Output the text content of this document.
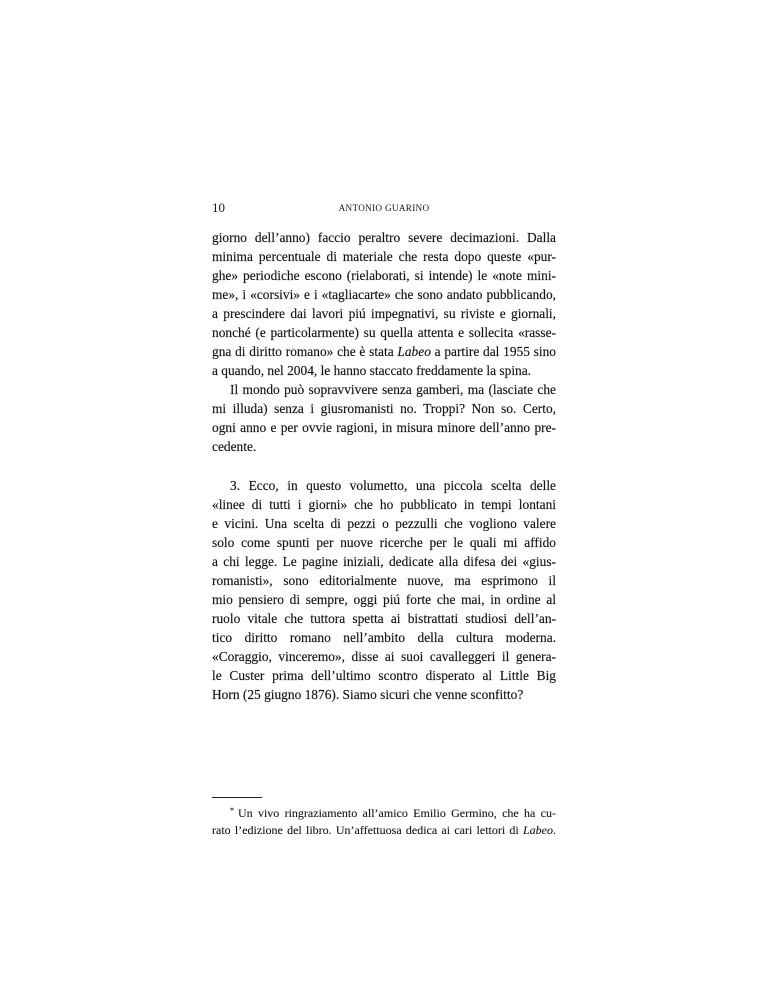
10	ANTONIO GUARINO
giorno dell’anno) faccio peraltro severe decimazioni. Dalla
minima percentuale di materiale che resta dopo queste «pur-
ghe» periodiche escono (rielaborati, si intende) le «note mini-
me», i «corsivi» e i «tagliacarte» che sono andato pubblicando,
a prescindere dai lavori piú impegnativi, su riviste e giornali,
nonché (e particolarmente) su quella attenta e sollecita «rasse-
gna di diritto romano» che è stata Labeo a partire dal 1955 sino
a quando, nel 2004, le hanno staccato freddamente la spina.
Il mondo può sopravvivere senza gamberi, ma (lasciate che
mi illuda) senza i giusromanisti no. Troppi? Non so. Certo,
ogni anno e per ovvie ragioni, in misura minore dell’anno pre-
cedente.
3. Ecco, in questo volumetto, una piccola scelta delle
«linee di tutti i giorni» che ho pubblicato in tempi lontani
e vicini. Una scelta di pezzi o pezzulli che vogliono valere
solo come spunti per nuove ricerche per le quali mi affido
a chi legge. Le pagine iniziali, dedicate alla difesa dei «gius-
romanisti», sono editorialmente nuove, ma esprimono il
mio pensiero di sempre, oggi piú forte che mai, in ordine al
ruolo vitale che tuttora spetta ai bistrattati studiosi dell’an-
tico diritto romano nell’ambito della cultura moderna.
«Coraggio, vinceremo», disse ai suoi cavalleggeri il genera-
le Custer prima dell’ultimo scontro disperato al Little Big
Horn (25 giugno 1876). Siamo sicuri che venne sconfitto?
* Un vivo ringraziamento all’amico Emilio Germino, che ha cu-
rato l’edizione del libro. Un’affettuosa dedica ai cari lettori di Labeo.
